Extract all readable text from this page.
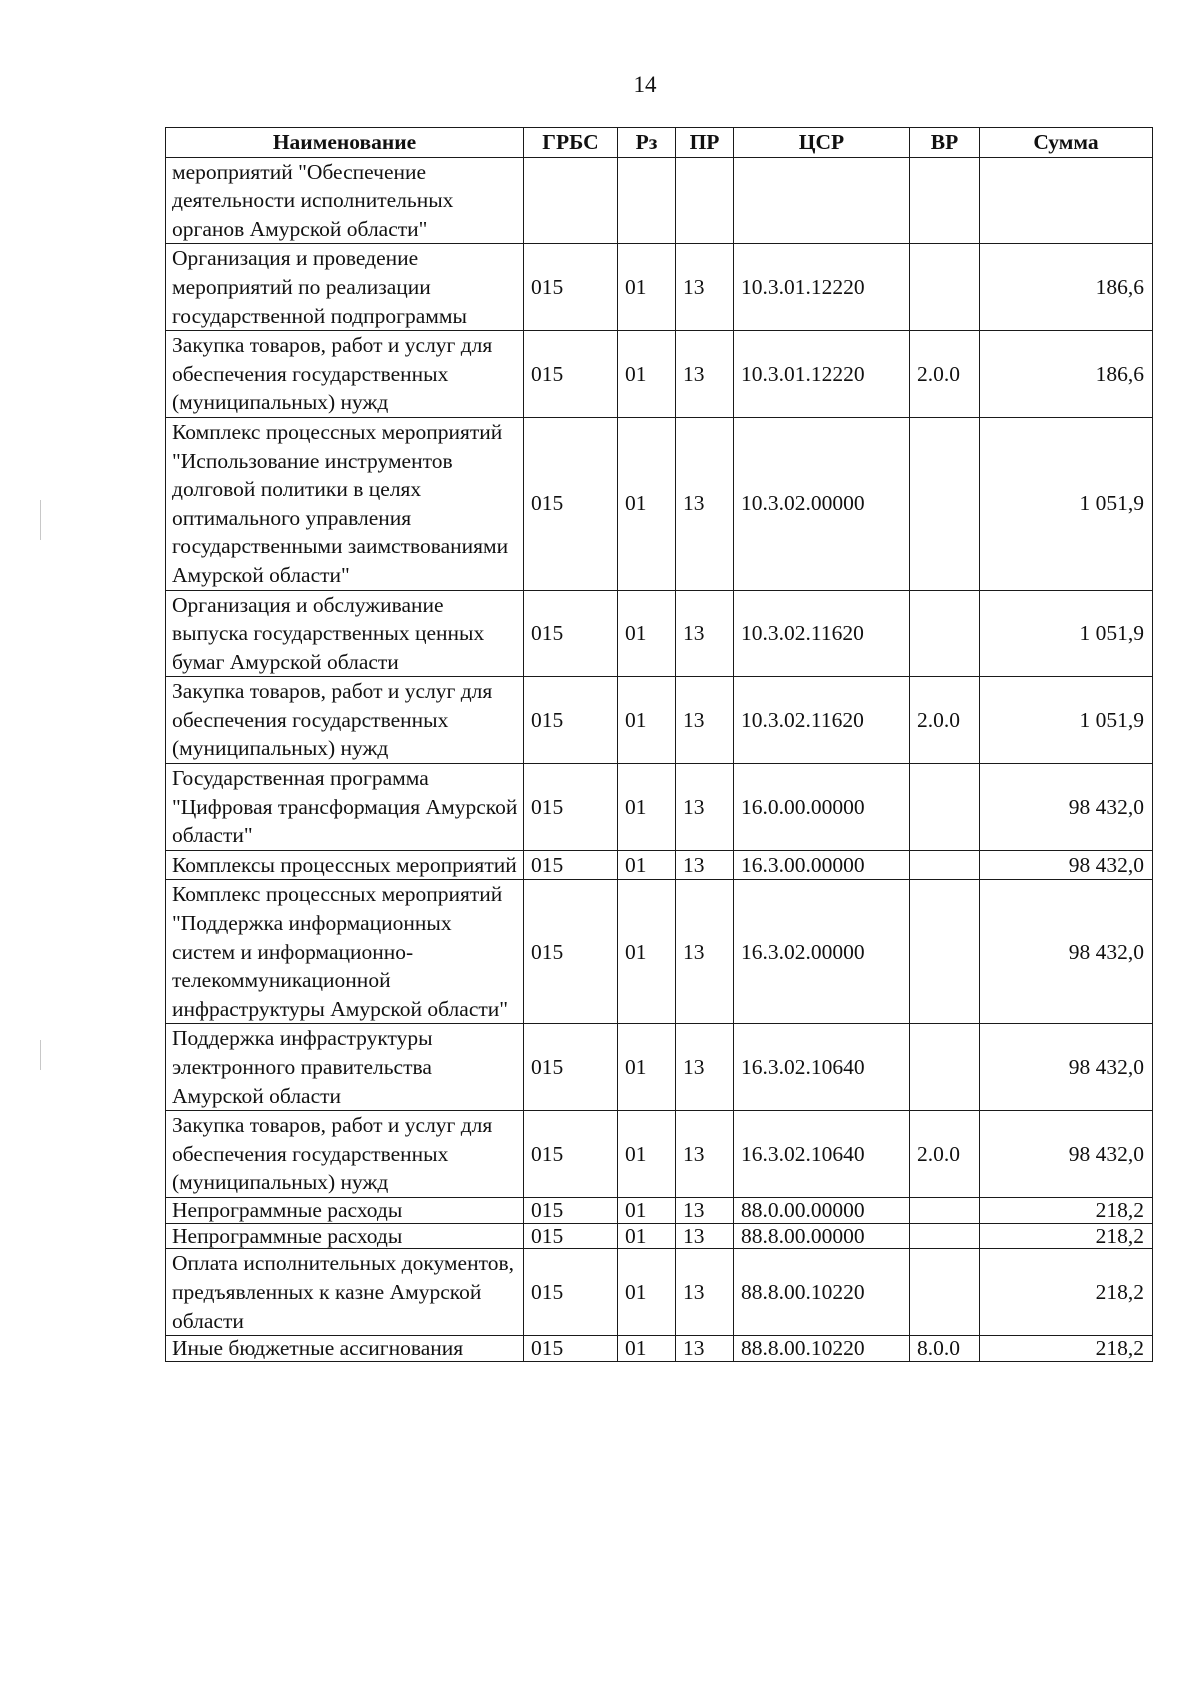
14
Наименование	ГРБС	Рз	ПР	ЦСР	ВР	Сумма
мероприятий "Обеспечение деятельности исполнительных органов Амурской области"						
Организация и проведение мероприятий по реализации государственной подпрограммы	015	01	13	10.3.01.12220		186,6
Закупка товаров, работ и услуг для обеспечения государственных (муниципальных) нужд	015	01	13	10.3.01.12220	2.0.0	186,6
Комплекс процессных мероприятий "Использование инструментов долговой политики в целях оптимального управления государственными заимствованиями Амурской области"	015	01	13	10.3.02.00000		1 051,9
Организация и обслуживание выпуска государственных ценных бумаг Амурской области	015	01	13	10.3.02.11620		1 051,9
Закупка товаров, работ и услуг для обеспечения государственных (муниципальных) нужд	015	01	13	10.3.02.11620	2.0.0	1 051,9
Государственная программа "Цифровая трансформация Амурской области"	015	01	13	16.0.00.00000		98 432,0
Комплексы процессных мероприятий	015	01	13	16.3.00.00000		98 432,0
Комплекс процессных мероприятий "Поддержка информационных систем и информационно-телекоммуникационной инфраструктуры Амурской области"	015	01	13	16.3.02.00000		98 432,0
Поддержка инфраструктуры электронного правительства Амурской области	015	01	13	16.3.02.10640		98 432,0
Закупка товаров, работ и услуг для обеспечения государственных (муниципальных) нужд	015	01	13	16.3.02.10640	2.0.0	98 432,0
Непрограммные расходы	015	01	13	88.0.00.00000		218,2
Непрограммные расходы	015	01	13	88.8.00.00000		218,2
Оплата исполнительных документов, предъявленных к казне Амурской области	015	01	13	88.8.00.10220		218,2
Иные бюджетные ассигнования	015	01	13	88.8.00.10220	8.0.0	218,2
